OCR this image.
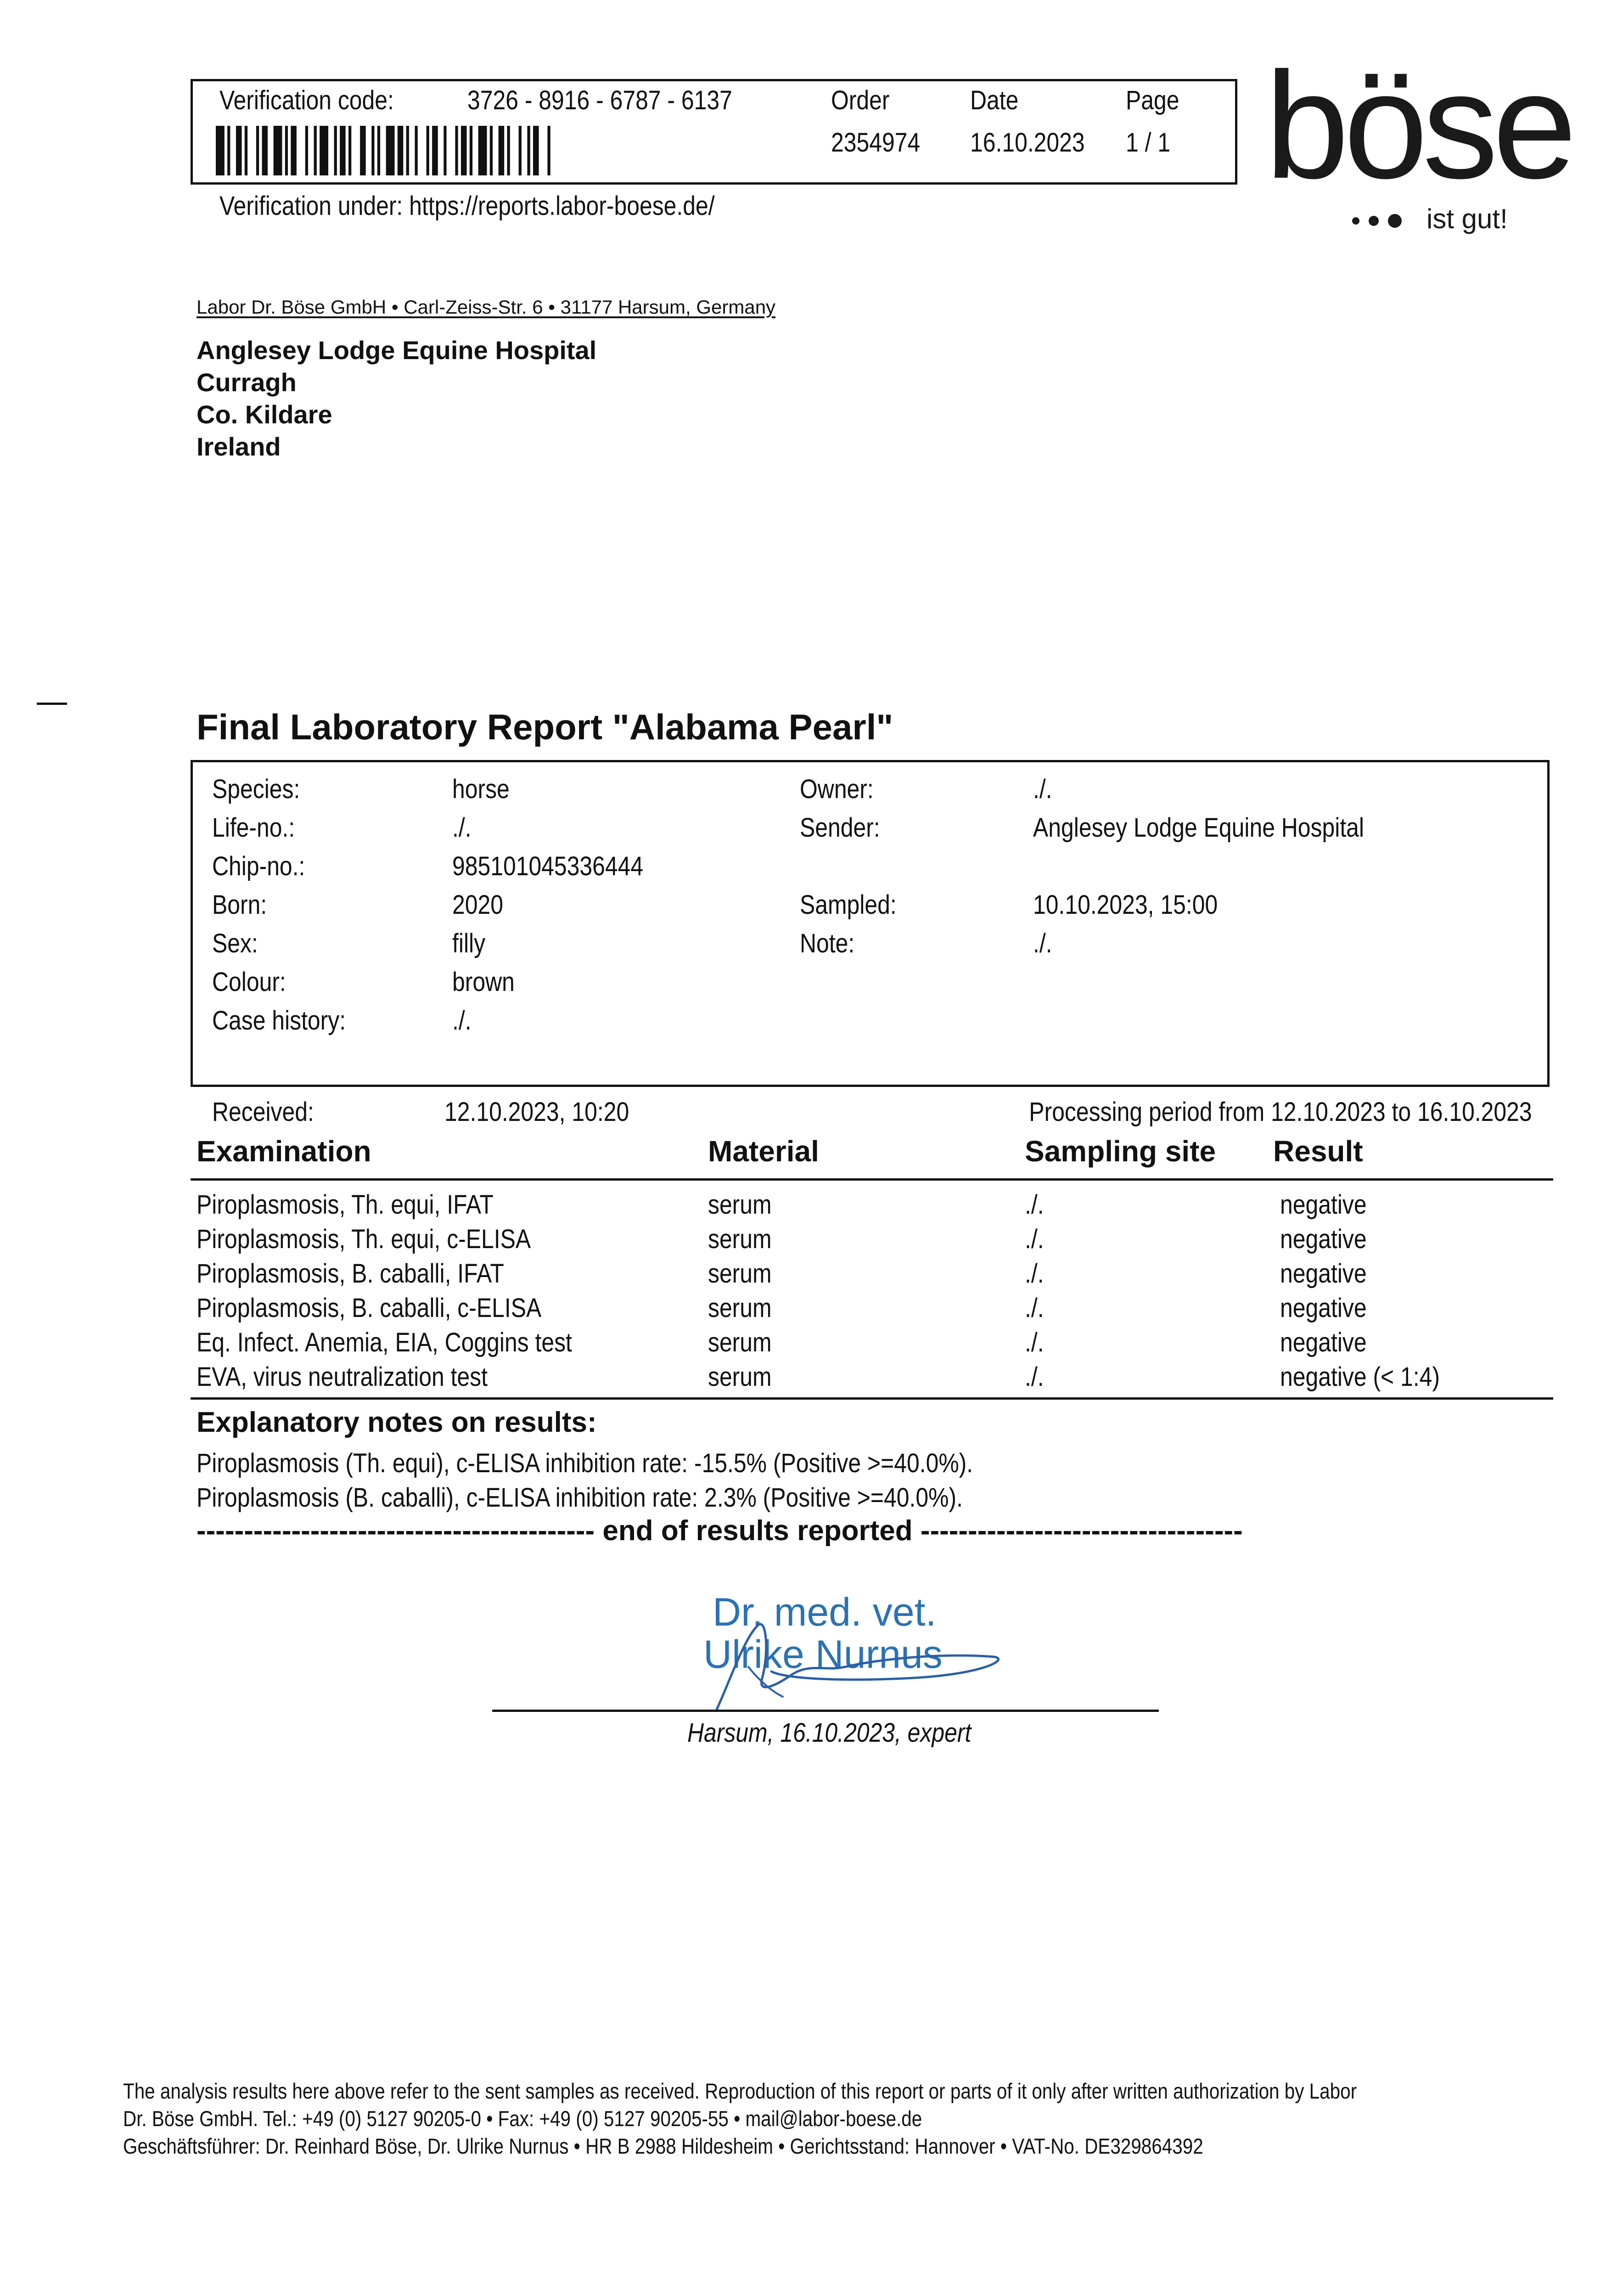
Verification code:	3726 - 8916 - 6787 - 6137	Order	Date	Page
2354974	16.10.2023	1 / 1
Verification under: https://reports.labor-boese.de/	böse
ist gut!
Labor Dr. Böse GmbH • Carl-Zeiss-Str. 6 • 31177 Harsum, Germany
Anglesey Lodge Equine Hospital
Curragh
Co. Kildare
Ireland
Final Laboratory Report "Alabama Pearl"
Species:	horse
Life-no.:	./.
Chip-no.:	985101045336444
Born:	2020
Sex:	filly
Colour:	brown
Case history:	./.
Owner:	./.
Sender:	Anglesey Lodge Equine Hospital
Sampled:	10.10.2023, 15:00
Note:	./.
Received:	12.10.2023, 10:20	Processing period from 12.10.2023 to 16.10.2023
Examination	Material	Sampling site Result
Piroplasmosis, Th. equi, IFAT	serum	./.	negative
Piroplasmosis, Th. equi, c-ELISA	serum	./.	negative
Piroplasmosis, B. caballi, IFAT	serum	./.	negative
Piroplasmosis, B. caballi, c-ELISA	serum	./.	negative
Eq. Infect. Anemia, EIA, Coggins test	serum	./.	negative
EVA, virus neutralization test	serum	./.	negative (< 1:4)
Explanatory notes on results:
Piroplasmosis (Th. equi), c-ELISA inhibition rate: -15.5% (Positive >=40.0%).
Piroplasmosis (B. caballi), c-ELISA inhibition rate: 2.3% (Positive >=40.0%).
------------------------------------------ end of results reported ----------------------------------
Dr. med. vet.
Ulrike Nurnus
Harsum, 16.10.2023, expert
The analysis results here above refer to the sent samples as received. Reproduction of this report or parts of it only after written authorization by Labor
Dr. Böse GmbH. Tel.: +49 (0) 5127 90205-0 • Fax: +49 (0) 5127 90205-55 • mail@labor-boese.de
Geschäftsführer: Dr. Reinhard Böse, Dr. Ulrike Nurnus • HR B 2988 Hildesheim • Gerichtsstand: Hannover • VAT-No. DE329864392
